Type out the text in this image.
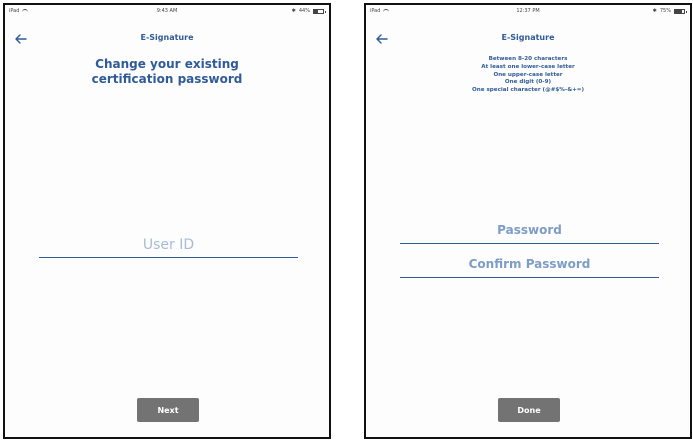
iPad	9:43 AM	✱ 44%
E-Signature
Change your existing
certification password
User ID
Next
iPad	12:37 PM	✱ 75%
E-Signature
Between 8-20 characters
At least one lower-case letter
One upper-case letter
One digit (0-9)
One special character (@#$%-&+=)
Done
